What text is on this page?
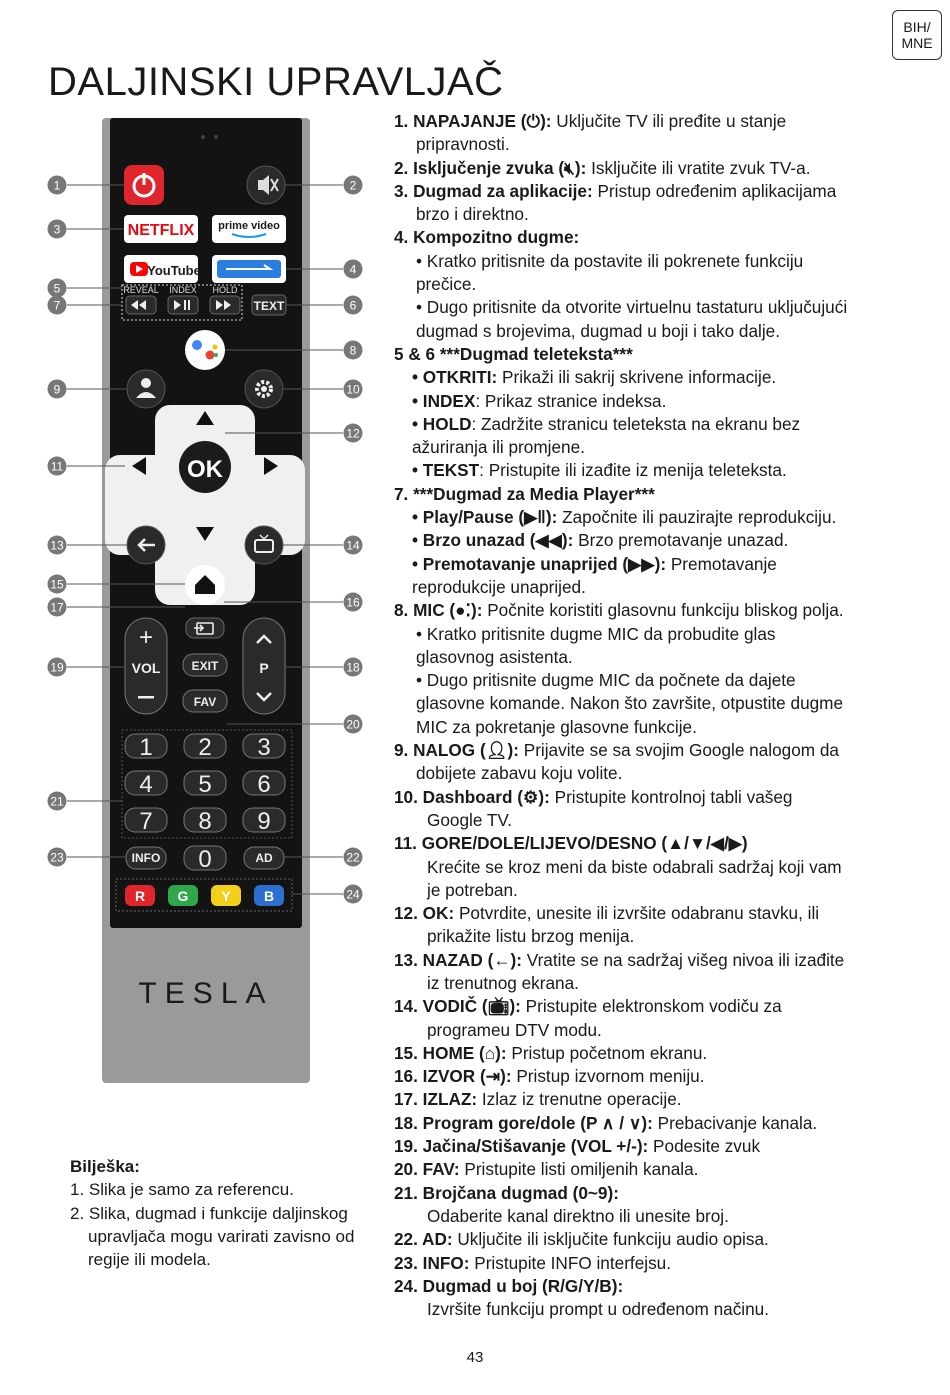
BIH/
MNE
DALJINSKI UPRAVLJAČ
NETFLIX prime video
YouTube
REVEAL INDEX HOLD
TEXT
OK
+
VOL	P
EXIT
FAV
1 2 3
4 5 6
7 8 9
0
INFO	AD
R G Y B
TESLA
1	2
3
4
5
6
7
8
9	10
11
12
13	14
15
16
17
18
19
20
21
22
23
24
1. NAPAJANJE (⏻): Uključite TV ili pređite u stanje
pripravnosti.
2. Isključenje zvuka (🔇︎): Isključite ili vratite zvuk TV-a.
3. Dugmad za aplikacije: Pristup određenim aplikacijama
brzo i direktno.
4. Kompozitno dugme:
• Kratko pritisnite da postavite ili pokrenete funkciju
prečice.
• Dugo pritisnite da otvorite virtuelnu tastaturu uključujući
dugmad s brojevima, dugmad u boji i tako dalje.
5 & 6 ***Dugmad teleteksta***
• OTKRITI: Prikaži ili sakrij skrivene informacije.
• INDEX: Prikaz stranice indeksa.
• HOLD: Zadržite stranicu teleteksta na ekranu bez
ažuriranja ili promjene.
• TEKST: Pristupite ili izađite iz menija teleteksta.
7. ***Dugmad za Media Player***
• Play/Pause (▶ǁ): Započnite ili pauzirajte reprodukciju.
• Brzo unazad (◀◀): Brzo premotavanje unazad.
• Premotavanje unaprijed (▶▶): Premotavanje
reprodukcije unaprijed.
8. MIC (●⁚): Počnite koristiti glasovnu funkciju bliskog polja.
• Kratko pritisnite dugme MIC da probudite glas
glasovnog asistenta.
• Dugo pritisnite dugme MIC da počnete da dajete
glasovne komande. Nakon što završite, otpustite dugme
MIC za pokretanje glasovne funkcije.
9. NALOG (👤︎): Prijavite se sa svojim Google nalogom da
dobijete zabavu koju volite.
10. Dashboard (⚙): Pristupite kontrolnoj tabli vašeg
Google TV.
11. GORE/DOLE/LIJEVO/DESNO (▲/▼/◀/▶)
Krećite se kroz meni da biste odabrali sadržaj koji vam
je potreban.
12. OK: Potvrdite, unesite ili izvršite odabranu stavku, ili
prikažite listu brzog menija.
13. NAZAD (←): Vratite se na sadržaj višeg nivoa ili izađite
iz trenutnog ekrana.
14. VODIČ (📺︎): Pristupite elektronskom vodiču za
programeu DTV modu.
15. HOME (⌂): Pristup početnom ekranu.
16. IZVOR (⇥): Pristup izvornom meniju.
17. IZLAZ: Izlaz iz trenutne operacije.
18. Program gore/dole (P ∧ / ∨): Prebacivanje kanala.
19. Jačina/Stišavanje (VOL +/-): Podesite zvuk
20. FAV: Pristupite listi omiljenih kanala.
21. Brojčana dugmad (0~9):
Odaberite kanal direktno ili unesite broj.
22. AD: Uključite ili isključite funkciju audio opisa.
23. INFO: Pristupite INFO interfejsu.
24. Dugmad u boj (R/G/Y/B):
Izvršite funkciju prompt u određenom načinu.
Bilješka:
1. Slika je samo za referencu.
2. Slika, dugmad i funkcije daljinskog upravljača mogu varirati zavisno od regije ili modela.
43
